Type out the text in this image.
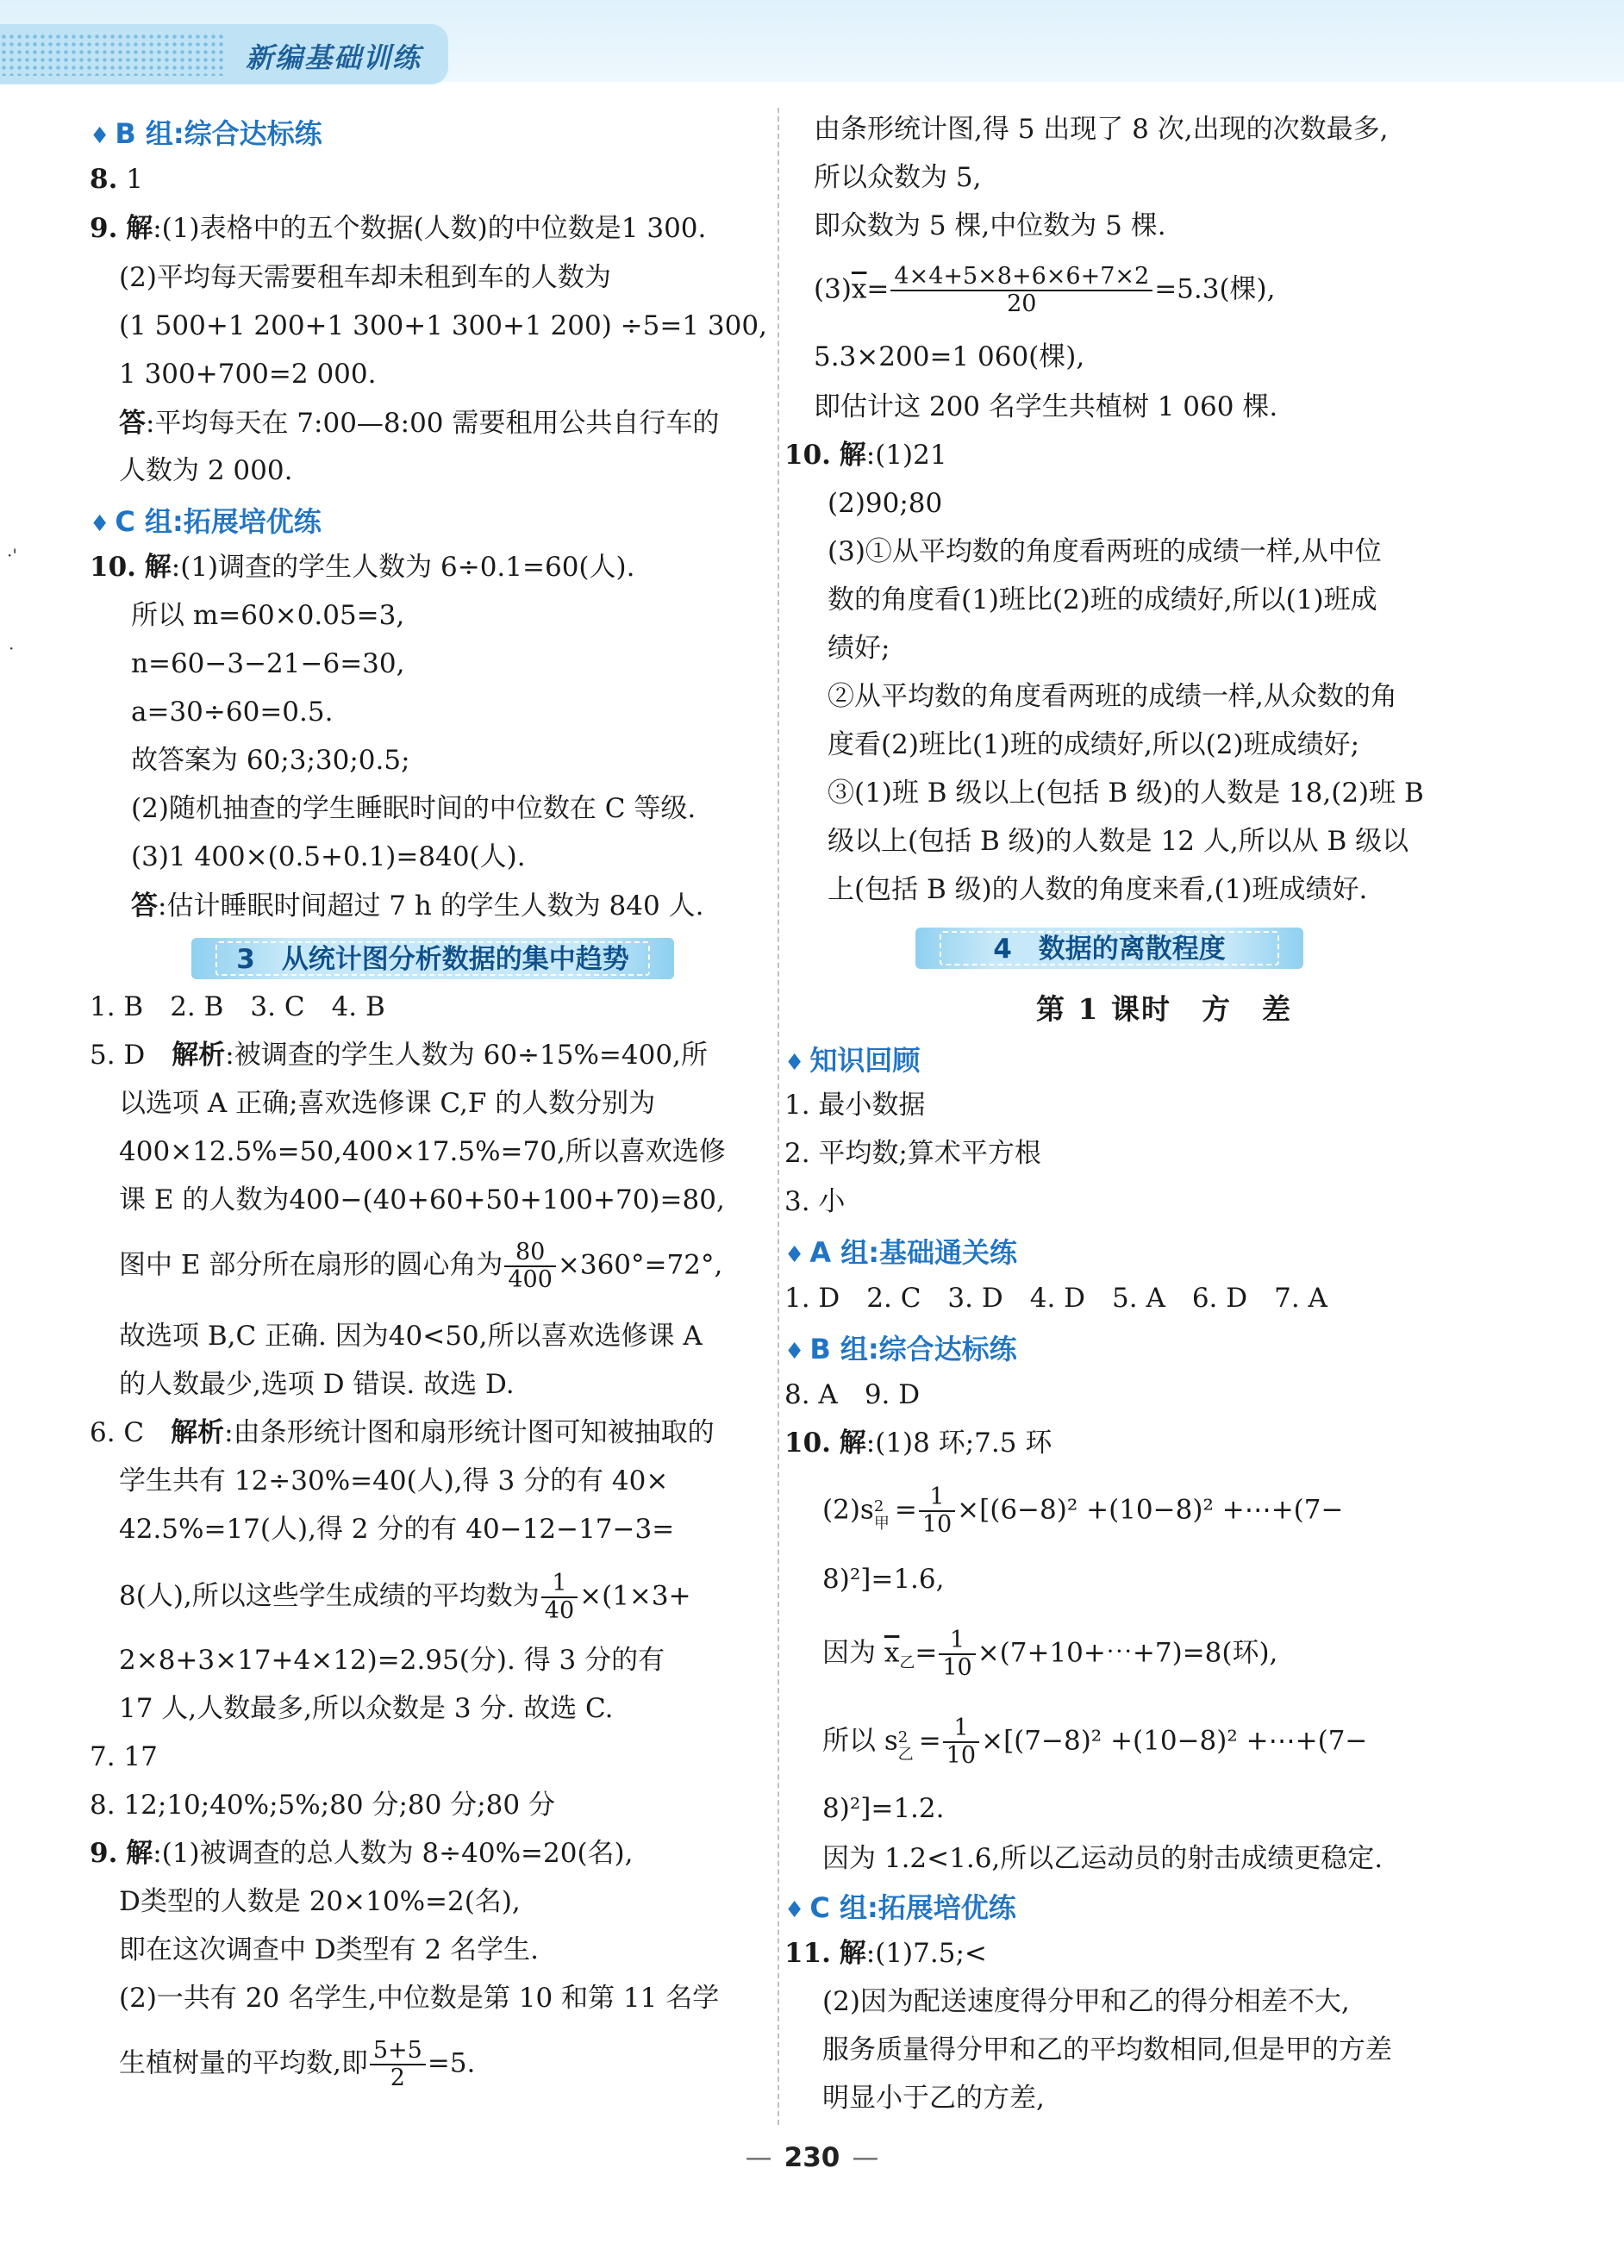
新编基础训练
·'
·
♦ B 组:综合达标练
8. 1
9. 解:(1)表格中的五个数据(人数)的中位数是1 300.
(2)平均每天需要租车却未租到车的人数为
(1 500+1 200+1 300+1 300+1 200) ÷5=1 300,
1 300+700=2 000.
答:平均每天在 7:00—8:00 需要租用公共自行车的
人数为 2 000.
♦ C 组:拓展培优练
10. 解:(1)调查的学生人数为 6÷0.1=60(人).
所以 m=60×0.05=3,
n=60−3−21−6=30,
a=30÷60=0.5.
故答案为 60;3;30;0.5;
(2)随机抽查的学生睡眠时间的中位数在 C 等级.
(3)1 400×(0.5+0.1)=840(人).
答:估计睡眠时间超过 7 h 的学生人数为 840 人.
3　从统计图分析数据的集中趋势
1. B　2. B　3. C　4. B
5. D　 解析:被调查的学生人数为 60÷15%=400,所
以选项 A 正确;喜欢选修课 C,F 的人数分别为
400×12.5%=50,400×17.5%=70,所以喜欢选修
课 E 的人数为400−(40+60+50+100+70)=80,
图中 E 部分所在扇形的圆心角为 $\frac{80}{400} \times 360^\circ=72^\circ$,
故选项 B,C 正确. 因为40<50,所以喜欢选修课 A
的人数最少,选项 D 错误. 故选 D.
6. C　 解析:由条形统计图和扇形统计图可知被抽取的
学生共有 12÷30%=40(人),得 3 分的有 40×
42.5%=17(人),得 2 分的有 40−12−17−3=
8(人),所以这些学生成绩的平均数为 $\frac{1}{40} \times(1\times 3+$
2×8+3×17+4×12)=2.95(分). 得 3 分的有
17 人,人数最多,所以众数是 3 分. 故选 C.
7. 17
8. 12;10;40%;5%;80 分;80 分;80 分
9. 解:(1)被调查的总人数为 8÷40%=20(名),
D类型的人数是 20×10%=2(名),
即在这次调查中 D类型有 2 名学生.
(2)一共有 20 名学生,中位数是第 10 和第 11 名学
生植树量的平均数,即 $\frac{5+5}{2} =5$.
由条形统计图,得 5 出现了 8 次,出现的次数最多,
所以众数为 5,
即众数为 5 棵,中位数为 5 棵.
$(3)\overline{x}= \frac{4\times 4+5\times 8+6\times 6+7\times 2}{20} =5.3$(棵),
5.3×200=1 060(棵),
即估计这 200 名学生共植树 1 060 棵.
10. 解:(1)21
(2)90;80
(3)①从平均数的角度看两班的成绩一样,从中位
数的角度看(1)班比(2)班的成绩好,所以(1)班成
绩好;
②从平均数的角度看两班的成绩一样,从众数的角
度看(2)班比(1)班的成绩好,所以(2)班成绩好;
③(1)班 B 级以上(包括 B 级)的人数是 18,(2)班 B
级以上(包括 B 级)的人数是 12 人,所以从 B 级以
上(包括 B 级)的人数的角度来看,(1)班成绩好.
4　数据的离散程度
第 1 课时　方　差
♦ 知识回顾
1. 最小数据
2. 平均数;算术平方根
3. 小
♦ A 组:基础通关练
1. D　2. C　3. D　4. D　5. A　6. D　7. A
♦ B 组:综合达标练
8. A　9. D
10. 解:(1)8 环;7.5 环
(2)s 2
甲 = $\frac{1}{10} \times[(6-8)^2 +(10-8)^2$ +⋯+(7−
8)²]=1.6,
因为 $\overline{x}_乙= \frac{1}{10}$ ×(7+10+⋯+7)=8(环),
所以 s 2
乙 = $\frac{1}{10} \times[(7-8)^2 +(10-8)^2$ +⋯+(7−
8)²]=1.2.
因为 1.2<1.6,所以乙运动员的射击成绩更稳定.
♦ C 组:拓展培优练
11. 解:(1)7.5;<
(2)因为配送速度得分甲和乙的得分相差不大,
服务质量得分甲和乙的平均数相同,但是甲的方差
明显小于乙的方差,
— 230 —
